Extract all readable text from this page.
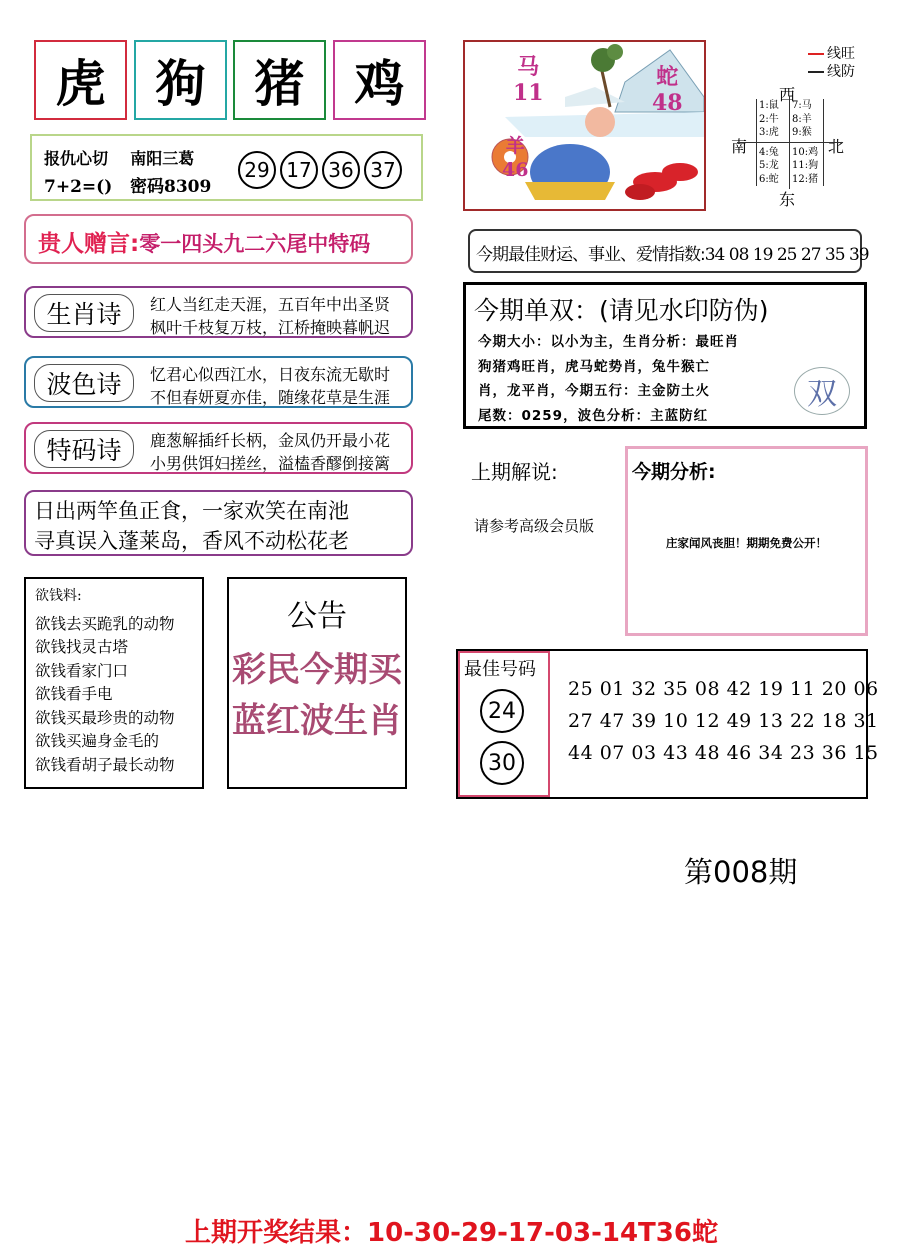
虎	狗 猪	鸡
报仇心切 南阳三葛
7+2=() 密码8309
29 17 36 37
贵人赠言:零一四头九二六尾中特码
生肖诗	红人当红走天涯，五百年中出圣贤
枫叶千枝复万枝，江桥掩映暮帆迟
波色诗	忆君心似西江水，日夜东流无歇时
不但春妍夏亦佳，随缘花草是生涯
特码诗	鹿葱解插纤长柄，金凤仍开最小花
小男供饵妇搓丝，溢榼香醪倒接篱
日出两竿鱼正食，一家欢笑在南池
寻真误入蓬莱岛，香风不动松花老
欲钱料:
欲钱去买跪乳的动物
欲钱找灵古塔
欲钱看家门口
欲钱看手电
欲钱买最珍贵的动物
欲钱买遍身金毛的
欲钱看胡子最长动物
公告
彩民今期买
蓝红波生肖
马
11
蛇
48
羊
46
线旺
线防
西
南	北
东
1:鼠
2:牛
3:虎
4:兔
5:龙
6:蛇
7:马
8:羊
9:猴
10:鸡
11:狗
12:猪
今期最佳财运、事业、爱情指数:34 08 19 25 27 35 39
今期单双：(请见水印防伪)
今期大小：以小为主，生肖分析：最旺肖
狗猪鸡旺肖，虎马蛇势肖，兔牛猴亡
肖，龙平肖，今期五行：主金防土火
尾数：0259，波色分析：主蓝防红
双
上期解说:
请参考高级会员版
今期分析:
庄家闻风丧胆！期期免费公开！
最佳号码
24
30
25 01 32 35 08 42 19 11 20 06
27 47 39 10 12 49 13 22 18 31
44 07 03 43 48 46 34 23 36 15
第008期
上期开奖结果：10-30-29-17-03-14T36蛇
